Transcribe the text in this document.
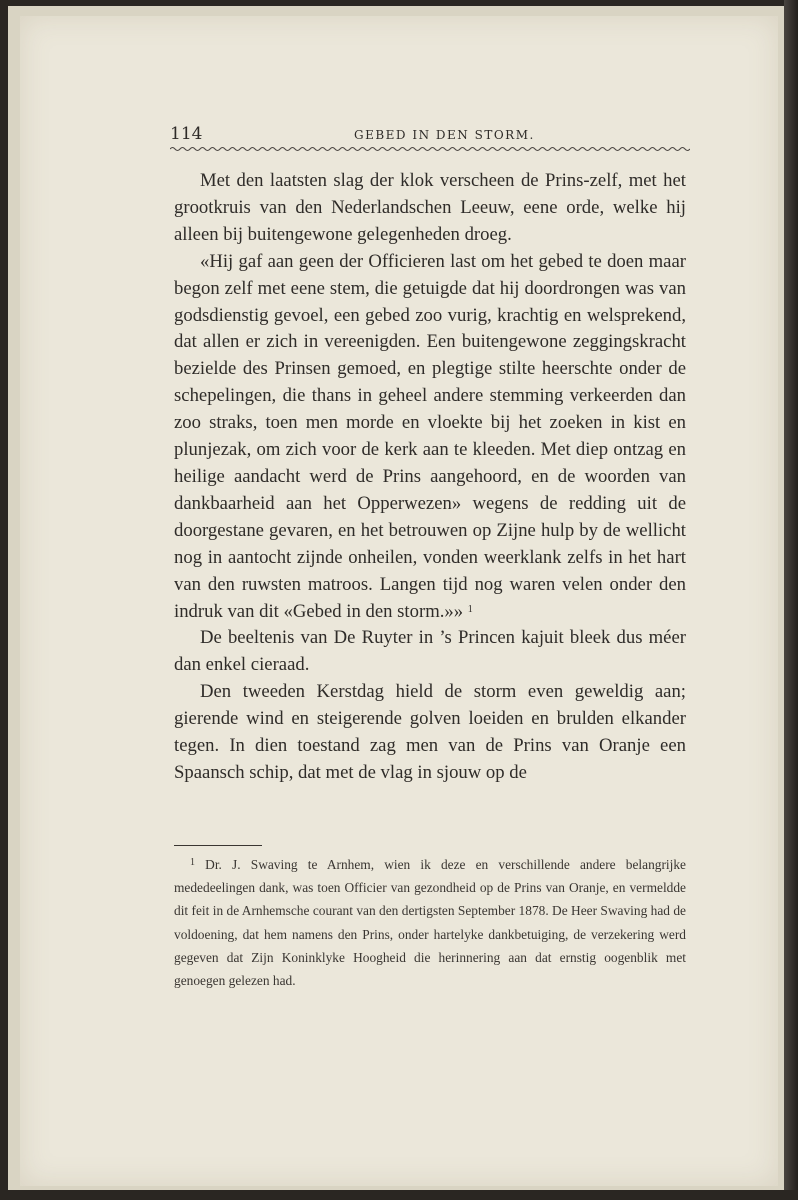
114	GEBED IN DEN STORM.

Met den laatsten slag der klok verscheen de Prins-zelf, met het grootkruis van den Nederlandschen Leeuw, eene orde, welke hij alleen bij buitengewone gelegenheden droeg.

«Hij gaf aan geen der Officieren last om het gebed te doen maar begon zelf met eene stem, die getuigde dat hij doordrongen was van godsdienstig gevoel, een gebed zoo vurig, krachtig en welsprekend, dat allen er zich in vereenigden. Een buitengewone zeggingskracht bezielde des Prinsen gemoed, en plegtige stilte heerschte onder de schepelingen, die thans in geheel andere stemming verkeerden dan zoo straks, toen men morde en vloekte bij het zoeken in kist en plunjezak, om zich voor de kerk aan te kleeden. Met diep ontzag en heilige aandacht werd de Prins aangehoord, en de woorden van dankbaarheid aan het Opperwezen» wegens de redding uit de doorgestane gevaren, en het betrouwen op Zijne hulp by de wellicht nog in aantocht zijnde onheilen, vonden weerklank zelfs in het hart van den ruwsten matroos. Langen tijd nog waren velen onder den indruk van dit «Gebed in den storm.»» $^1$

De beeltenis van De Ruyter in ’s Princen kajuit bleek dus méer dan enkel cieraad.

Den tweeden Kerstdag hield de storm even geweldig aan; gierende wind en steigerende golven loeiden en brulden elkander tegen. In dien toestand zag men van de Prins van Oranje een Spaansch schip, dat met de vlag in sjouw op de

$^1$ Dr. J. Swaving te Arnhem, wien ik deze en verschillende andere belangrijke mededeelingen dank, was toen Officier van gezondheid op de Prins van Oranje, en vermeldde dit feit in de Arnhemsche courant van den dertigsten September 1878. De Heer Swaving had de voldoening, dat hem namens den Prins, onder hartelyke dankbetuiging, de verzekering werd gegeven dat Zijn Koninklyke Hoogheid die herinnering aan dat ernstig oogenblik met genoegen gelezen had.
